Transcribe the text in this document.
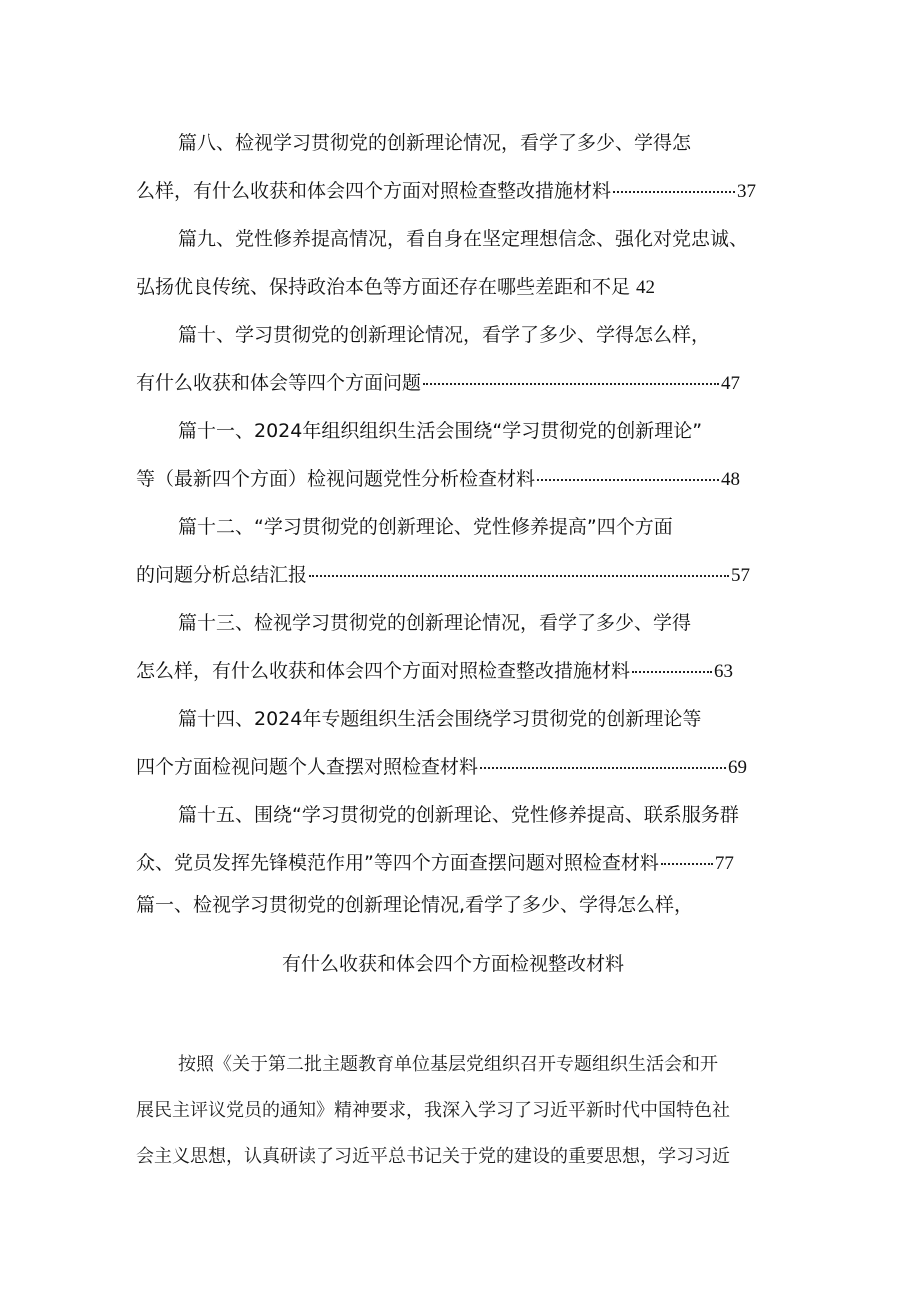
篇八、检视学习贯彻党的创新理论情况，看学了多少、学得怎
么样，有什么收获和体会四个方面对照检查整改措施材料	37
篇九、党性修养提高情况，看自身在坚定理想信念、强化对党忠诚、
弘扬优良传统、保持政治本色等方面还存在哪些差距和不足 42
篇十、学习贯彻党的创新理论情况，看学了多少、学得怎么样，
有什么收获和体会等四个方面问题	47
篇十一、2024年组织组织生活会围绕“学习贯彻党的创新理论”
等（最新四个方面）检视问题党性分析检查材料	48
篇十二、“学习贯彻党的创新理论、党性修养提高”四个方面
的问题分析总结汇报	57
篇十三、检视学习贯彻党的创新理论情况，看学了多少、学得
怎么样，有什么收获和体会四个方面对照检查整改措施材料	63
篇十四、2024年专题组织生活会围绕学习贯彻党的创新理论等
四个方面检视问题个人查摆对照检查材料	69
篇十五、围绕“学习贯彻党的创新理论、党性修养提高、联系服务群
众、党员发挥先锋模范作用”等四个方面查摆问题对照检查材料	77
篇一、检视学习贯彻党的创新理论情况,看学了多少、学得怎么样，
有什么收获和体会四个方面检视整改材料
按照《关于第二批主题教育单位基层党组织召开专题组织生活会和开
展民主评议党员的通知》精神要求，我深入学习了习近平新时代中国特色社
会主义思想，认真研读了习近平总书记关于党的建设的重要思想，学习习近
